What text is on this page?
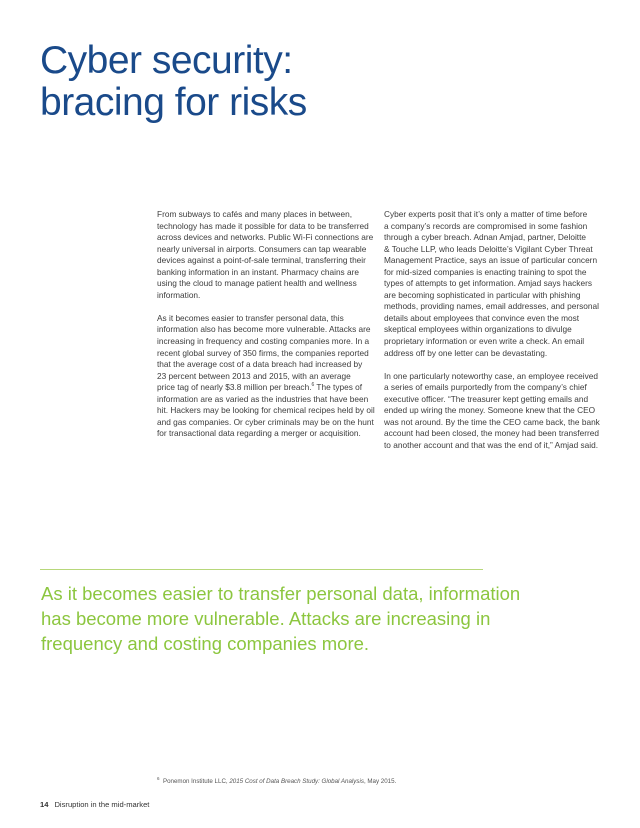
Cyber security:
bracing for risks

From subways to cafés and many places in between,
technology has made it possible for data to be transferred
across devices and networks. Public Wi-Fi connections are
nearly universal in airports. Consumers can tap wearable
devices against a point-of-sale terminal, transferring their
banking information in an instant. Pharmacy chains are
using the cloud to manage patient health and wellness
information.

As it becomes easier to transfer personal data, this
information also has become more vulnerable. Attacks are
increasing in frequency and costing companies more. In a
recent global survey of 350 firms, the companies reported
that the average cost of a data breach had increased by
23 percent between 2013 and 2015, with an average
price tag of nearly $3.8 million per breach.$^6$ The types of
information are as varied as the industries that have been
hit. Hackers may be looking for chemical recipes held by oil
and gas companies. Or cyber criminals may be on the hunt
for transactional data regarding a merger or acquisition.

Cyber experts posit that it’s only a matter of time before
a company’s records are compromised in some fashion
through a cyber breach. Adnan Amjad, partner, Deloitte
& Touche LLP, who leads Deloitte’s Vigilant Cyber Threat
Management Practice, says an issue of particular concern
for mid-sized companies is enacting training to spot the
types of attempts to get information. Amjad says hackers
are becoming sophisticated in particular with phishing
methods, providing names, email addresses, and personal
details about employees that convince even the most
skeptical employees within organizations to divulge
proprietary information or even write a check. An email
address off by one letter can be devastating.

In one particularly noteworthy case, an employee received
a series of emails purportedly from the company’s chief
executive officer. “The treasurer kept getting emails and
ended up wiring the money. Someone knew that the CEO
was not around. By the time the CEO came back, the bank
account had been closed, the money had been transferred
to another account and that was the end of it,” Amjad said.

As it becomes easier to transfer personal data, information
has become more vulnerable. Attacks are increasing in
frequency and costing companies more.
$^6$ Ponemon Institute LLC, 2015 Cost of Data Breach Study: Global Analysis, May 2015.
14 Disruption in the mid-market
